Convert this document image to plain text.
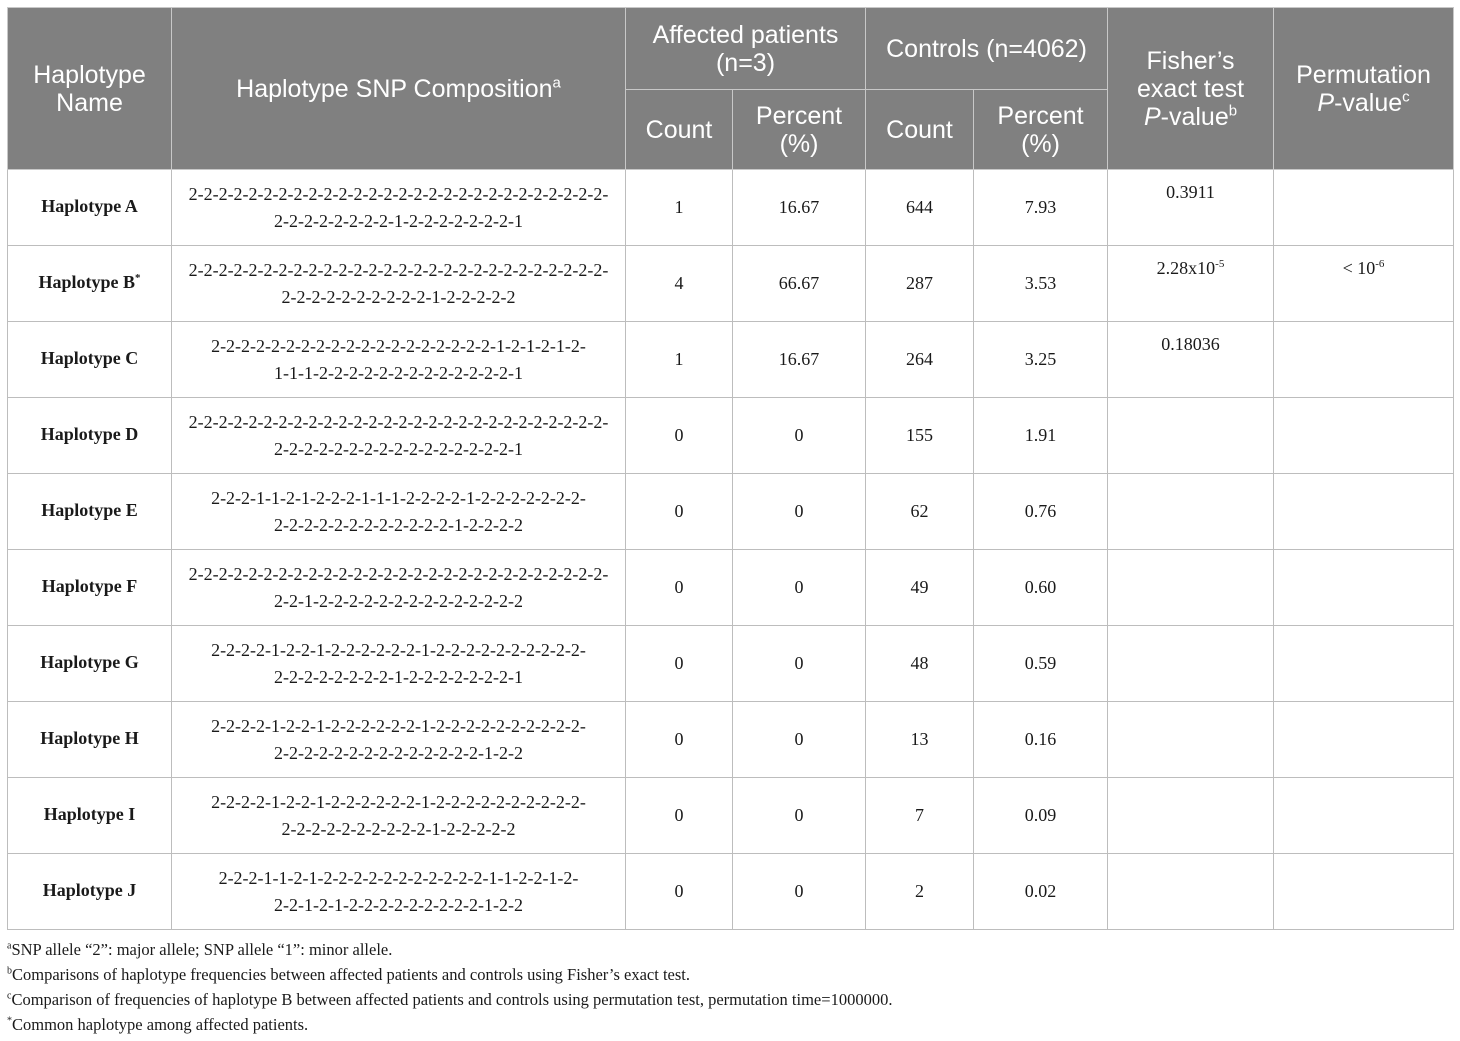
Haplotype Name	Haplotype SNP Composition$^a$	Affected patients (n=3)		Controls (n=4062)		Fisher’s exact test
P-value$^b$	Permutation
P-value$^c$
		Count	Percent (%)	Count	Percent (%)		
Haplotype A	2-2-2-2-2-2-2-2-2-2-2-2-2-2-2-2-2-2-2-2-2-2-2-2-2-2-2-2-
2-2-2-2-2-2-2-2-1-2-2-2-2-2-2-2-1	1	16.67	644	7.93	0.3911	
Haplotype B*	2-2-2-2-2-2-2-2-2-2-2-2-2-2-2-2-2-2-2-2-2-2-2-2-2-2-2-2-
2-2-2-2-2-2-2-2-2-2-1-2-2-2-2-2	4	66.67	287	3.53	$2.28x10^{-5}$	< $10^{-6}$
Haplotype C	2-2-2-2-2-2-2-2-2-2-2-2-2-2-2-2-2-2-2-1-2-1-2-1-2-
1-1-1-2-2-2-2-2-2-2-2-2-2-2-2-2-1	1	16.67	264	3.25	0.18036	
Haplotype D	2-2-2-2-2-2-2-2-2-2-2-2-2-2-2-2-2-2-2-2-2-2-2-2-2-2-2-2-
2-2-2-2-2-2-2-2-2-2-2-2-2-2-2-2-1	0	0	155	1.91		
Haplotype E	2-2-2-1-1-2-1-2-2-2-1-1-1-2-2-2-2-1-2-2-2-2-2-2-2-
2-2-2-2-2-2-2-2-2-2-2-2-1-2-2-2-2	0	0	62	0.76		
Haplotype F	2-2-2-2-2-2-2-2-2-2-2-2-2-2-2-2-2-2-2-2-2-2-2-2-2-2-2-2-
2-2-1-2-2-2-2-2-2-2-2-2-2-2-2-2-2	0	0	49	0.60		
Haplotype G	2-2-2-2-1-2-2-1-2-2-2-2-2-2-1-2-2-2-2-2-2-2-2-2-2-
2-2-2-2-2-2-2-2-1-2-2-2-2-2-2-2-1	0	0	48	0.59		
Haplotype H	2-2-2-2-1-2-2-1-2-2-2-2-2-2-1-2-2-2-2-2-2-2-2-2-2-
2-2-2-2-2-2-2-2-2-2-2-2-2-2-1-2-2	0	0	13	0.16		
Haplotype I	2-2-2-2-1-2-2-1-2-2-2-2-2-2-1-2-2-2-2-2-2-2-2-2-2-
2-2-2-2-2-2-2-2-2-2-1-2-2-2-2-2	0	0	7	0.09		
Haplotype J	2-2-2-1-1-2-1-2-2-2-2-2-2-2-2-2-2-2-1-1-2-2-1-2-
2-2-1-2-1-2-2-2-2-2-2-2-2-2-1-2-2	0	0	2	0.02		
$^a$SNP allele “2”: major allele; SNP allele “1”: minor allele.
$^b$Comparisons of haplotype frequencies between affected patients and controls using Fisher’s exact test.
$^c$Comparison of frequencies of haplotype B between affected patients and controls using permutation test, permutation time=1000000.
*Common haplotype among affected patients.
